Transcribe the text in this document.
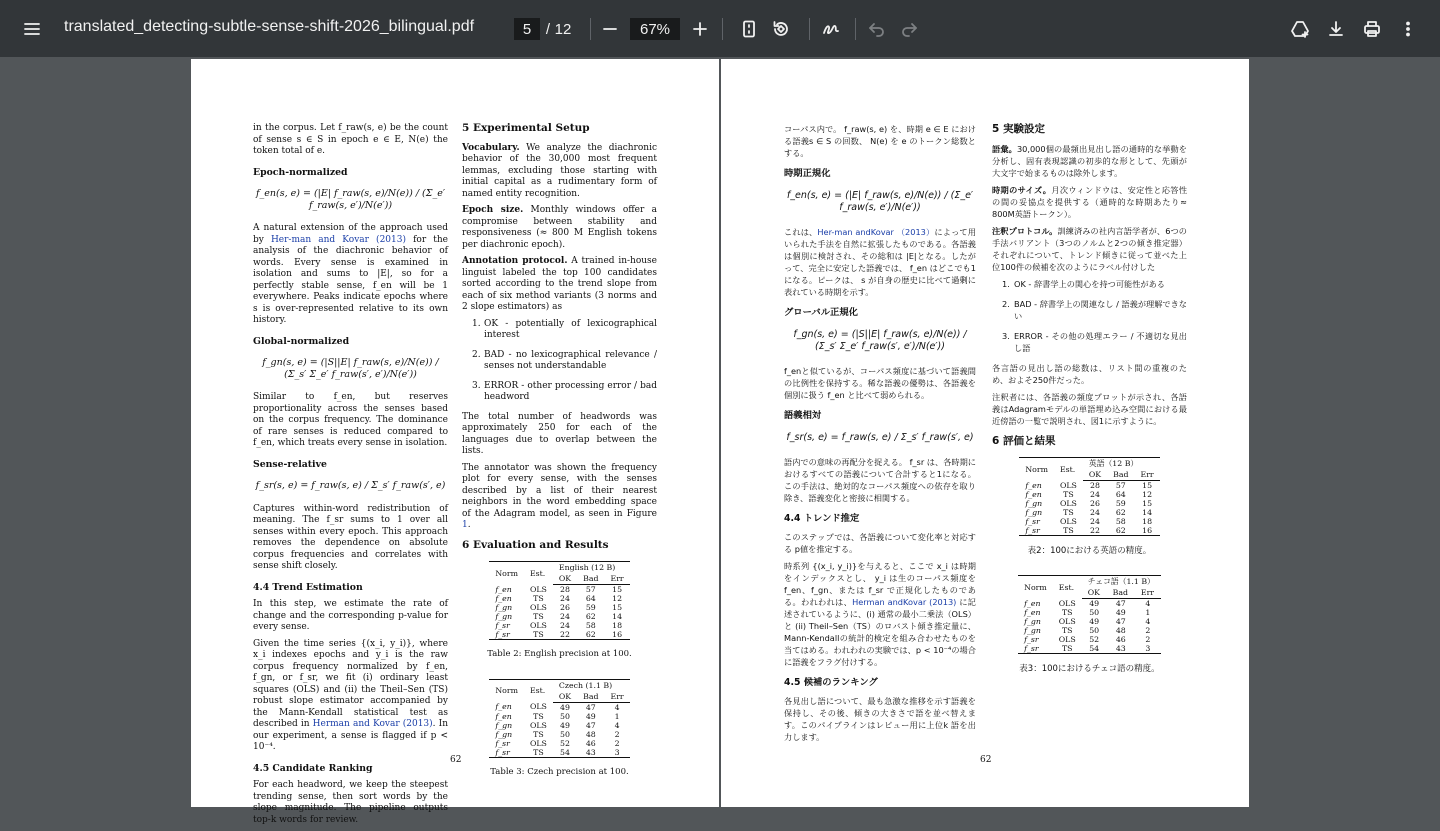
translated_detecting-subtle-sense-shift-2026_bilingual.pdf	5 / 12	67%

in the corpus. Let f_raw(s, e) be the count of sense s ∈ S in epoch e ∈ E, N(e) the token total of e.

Epoch-normalized
f_en(s, e) = (|E| f_raw(s, e)/N(e)) / (Σ_e′ f_raw(s, e′)/N(e′))

A natural extension of the approach used by Her-man and Kovar (2013) for the analysis of the diachronic behavior of words. Every sense is examined in isolation and sums to |E|, so for a perfectly stable sense, f_en will be 1 everywhere. Peaks indicate epochs where s is over-represented relative to its own history.

Global-normalized
f_gn(s, e) = (|S||E| f_raw(s, e)/N(e)) / (Σ_s′ Σ_e′ f_raw(s′, e′)/N(e′))

Similar to f_en, but reserves proportionality across the senses based on the corpus frequency. The dominance of rare senses is reduced compared to f_en, which treats every sense in isolation.

Sense-relative
f_sr(s, e) = f_raw(s, e) / Σ_s′ f_raw(s′, e)

Captures within-word redistribution of meaning. The f_sr sums to 1 over all senses within every epoch. This approach removes the dependence on absolute corpus frequencies and correlates with sense shift closely.

4.4 Trend Estimation

In this step, we estimate the rate of change and the corresponding p-value for every sense.

Given the time series {(x_i, y_i)}, where x_i indexes epochs and y_i is the raw corpus frequency normalized by f_en, f_gn, or f_sr, we fit (i) ordinary least squares (OLS) and (ii) the Theil–Sen (TS) robust slope estimator accompanied by the Mann-Kendall statistical test as described in Herman and Kovar (2013). In our experiment, a sense is flagged if p < 10⁻⁴.

4.5 Candidate Ranking

For each headword, we keep the steepest trending sense, then sort words by the slope magnitude. The pipeline outputs top-k words for review.

5 Experimental Setup

Vocabulary. We analyze the diachronic behavior of the 30,000 most frequent lemmas, excluding those starting with initial capital as a rudimentary form of named entity recognition.

Epoch size. Monthly windows offer a compromise between stability and responsiveness (≈ 800 M English tokens per diachronic epoch).

Annotation protocol. A trained in-house linguist labeled the top 100 candidates sorted according to the trend slope from each of six method variants (3 norms and 2 slope estimators) as

1. OK - potentially of lexicographical interest
2. BAD - no lexicographical relevance / senses not understandable
3. ERROR - other processing error / bad headword

The total number of headwords was approximately 250 for each of the languages due to overlap between the lists.

The annotator was shown the frequency plot for every sense, with the senses described by a list of their nearest neighbors in the word embedding space of the Adagram model, as seen in Figure 1.

6 Evaluation and Results
Norm	Est.	English (12 B)		
		OK	Bad	Err
f_en	OLS	28	57	15
f_en	TS	24	64	12
f_gn	OLS	26	59	15
f_gn	TS	24	62	14
f_sr	OLS	24	58	18
f_sr	TS	22	62	16
Table 2: English precision at 100.
Norm	Est.	Czech (1.1 B)		
		OK	Bad	Err
f_en	OLS	49	47	4
f_en	TS	50	49	1
f_gn	OLS	49	47	4
f_gn	TS	50	48	2
f_sr	OLS	52	46	2
f_sr	TS	54	43	3
Table 3: Czech precision at 100.
62

コーパス内で。 f_raw(s, e) を、時期 e ∈ E における語義s ∈ S の回数、 N(e) を e のトークン総数とする。

時期正規化
f_en(s, e) = (|E| f_raw(s, e)/N(e)) / (Σ_e′ f_raw(s, e′)/N(e′))

これは、Her-man andKovar （2013）によって用いられた手法を自然に拡張したものである。各語義は個別に検討され、その総和は |E|となる。したがって、完全に安定した語義では、 f_en はどこでも1になる。ピークは、 s が自身の歴史に比べて過剰に表れている時期を示す。

グローバル正規化
f_gn(s, e) = (|S||E| f_raw(s, e)/N(e)) / (Σ_s′ Σ_e′ f_raw(s′, e′)/N(e′))

f_enと似ているが、コーパス頻度に基づいて語義間の比例性を保持する。稀な語義の優勢は、各語義を個別に扱う f_en と比べて弱められる。

語義相対
f_sr(s, e) = f_raw(s, e) / Σ_s′ f_raw(s′, e)

語内での意味の再配分を捉える。 f_sr は、各時期におけるすべての語義について合計すると1になる。この手法は、絶対的なコーパス頻度への依存を取り除き、語義変化と密接に相関する。

4.4 トレンド推定

このステップでは、各語義について変化率と対応する p値を推定する。

時系列 {(x_i, y_i)}を与えると、ここで x_i は時期をインデックスとし、 y_i は生のコーパス頻度を f_en、f_gn、または f_sr で正規化したものである。われわれは、Herman andKovar (2013) に記述されているように、(i) 通常の最小二乗法（OLS）と (ii) Theil–Sen（TS）のロバスト傾き推定量に、Mann-Kendallの統計的検定を組み合わせたものを当てはめる。われわれの実験では、p < 10⁻⁴の場合に語義をフラグ付けする。

4.5 候補のランキング

各見出し語について、最も急激な推移を示す語義を保持し、その後、傾きの大きさで語を並べ替えます。このパイプラインはレビュー用に上位k 語を出力します。

5 実験設定

語彙。30,000個の最頻出見出し語の通時的な挙動を分析し、固有表現認識の初歩的な形として、先頭が大文字で始まるものは除外します。

時期のサイズ。月次ウィンドウは、安定性と応答性の間の妥協点を提供する（通時的な時期あたり≈ 800M英語トークン）。

注釈プロトコル。訓練済みの社内言語学者が、6つの手法バリアント（3つのノルムと2つの傾き推定器）それぞれについて、トレンド傾きに従って並べた上位100件の候補を次のようにラベル付けした

1. OK - 辞書学上の関心を持つ可能性がある
2. BAD - 辞書学上の関連なし / 語義が理解できない
3. ERROR - その他の処理エラー / 不適切な見出し語

各言語の見出し語の総数は、リスト間の重複のため、およそ250件だった。

注釈者には、各語義の頻度プロットが示され、各語義はAdagramモデルの単語埋め込み空間における最近傍語の一覧で説明され、図1に示すように。

6 評価と結果
Norm	Est.	英語（12 B）		
		OK	Bad	Err
f_en	OLS	28	57	15
f_en	TS	24	64	12
f_gn	OLS	26	59	15
f_gn	TS	24	62	14
f_sr	OLS	24	58	18
f_sr	TS	22	62	16
表2：100における英語の精度。
Norm	Est.	チェコ語（1.1 B）		
		OK	Bad	Err
f_en	OLS	49	47	4
f_en	TS	50	49	1
f_gn	OLS	49	47	4
f_gn	TS	50	48	2
f_sr	OLS	52	46	2
f_sr	TS	54	43	3
表3：100におけるチェコ語の精度。
62
